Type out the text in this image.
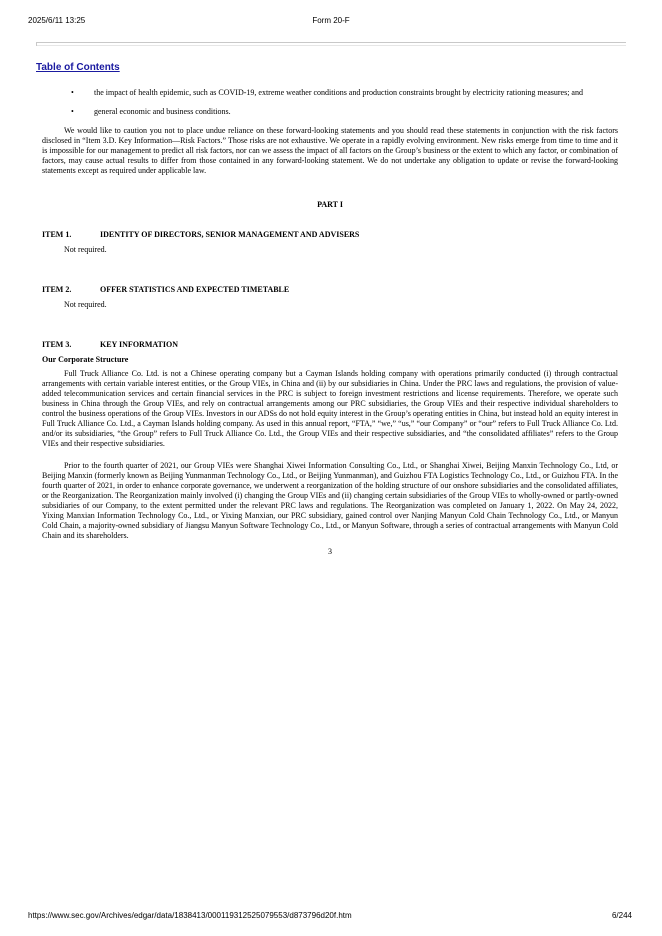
2025/6/11 13:25	Form 20-F
Table of Contents
•	the impact of health epidemic, such as COVID-19, extreme weather conditions and production constraints brought by electricity rationing measures; and
•	general economic and business conditions.

We would like to caution you not to place undue reliance on these forward-looking statements and you should read these statements in conjunction with the risk factors disclosed in “Item 3.D. Key Information—Risk Factors.” Those risks are not exhaustive. We operate in a rapidly evolving environment. New risks emerge from time to time and it is impossible for our management to predict all risk factors, nor can we assess the impact of all factors on the Group’s business or the extent to which any factor, or combination of factors, may cause actual results to differ from those contained in any forward-looking statement. We do not undertake any obligation to update or revise the forward-looking statements except as required under applicable law.

PART I
ITEM 1.	IDENTITY OF DIRECTORS, SENIOR MANAGEMENT AND ADVISERS
Not required.
ITEM 2.	OFFER STATISTICS AND EXPECTED TIMETABLE
Not required.
ITEM 3.	KEY INFORMATION
Our Corporate Structure

Full Truck Alliance Co. Ltd. is not a Chinese operating company but a Cayman Islands holding company with operations primarily conducted (i) through contractual arrangements with certain variable interest entities, or the Group VIEs, in China and (ii) by our subsidiaries in China. Under the PRC laws and regulations, the provision of value-added telecommunication services and certain financial services in the PRC is subject to foreign investment restrictions and license requirements. Therefore, we operate such business in China through the Group VIEs, and rely on contractual arrangements among our PRC subsidiaries, the Group VIEs and their respective individual shareholders to control the business operations of the Group VIEs. Investors in our ADSs do not hold equity interest in the Group’s operating entities in China, but instead hold an equity interest in Full Truck Alliance Co. Ltd., a Cayman Islands holding company. As used in this annual report, “FTA,” “we,” “us,” “our Company” or “our” refers to Full Truck Alliance Co. Ltd. and/or its subsidiaries, “the Group” refers to Full Truck Alliance Co. Ltd., the Group VIEs and their respective subsidiaries, and “the consolidated affiliates” refers to the Group VIEs and their respective subsidiaries.

Prior to the fourth quarter of 2021, our Group VIEs were Shanghai Xiwei Information Consulting Co., Ltd., or Shanghai Xiwei, Beijing Manxin Technology Co., Ltd, or Beijing Manxin (formerly known as Beijing Yunmanman Technology Co., Ltd., or Beijing Yunmanman), and Guizhou FTA Logistics Technology Co., Ltd., or Guizhou FTA. In the fourth quarter of 2021, in order to enhance corporate governance, we underwent a reorganization of the holding structure of our onshore subsidiaries and the consolidated affiliates, or the Reorganization. The Reorganization mainly involved (i) changing the Group VIEs and (ii) changing certain subsidiaries of the Group VIEs to wholly-owned or partly-owned subsidiaries of our Company, to the extent permitted under the relevant PRC laws and regulations. The Reorganization was completed on January 1, 2022. On May 24, 2022, Yixing Manxian Information Technology Co., Ltd., or Yixing Manxian, our PRC subsidiary, gained control over Nanjing Manyun Cold Chain Technology Co., Ltd., or Manyun Cold Chain, a majority-owned subsidiary of Jiangsu Manyun Software Technology Co., Ltd., or Manyun Software, through a series of contractual arrangements with Manyun Cold Chain and its shareholders.

3
https://www.sec.gov/Archives/edgar/data/1838413/000119312525079553/d873796d20f.htm	6/244
